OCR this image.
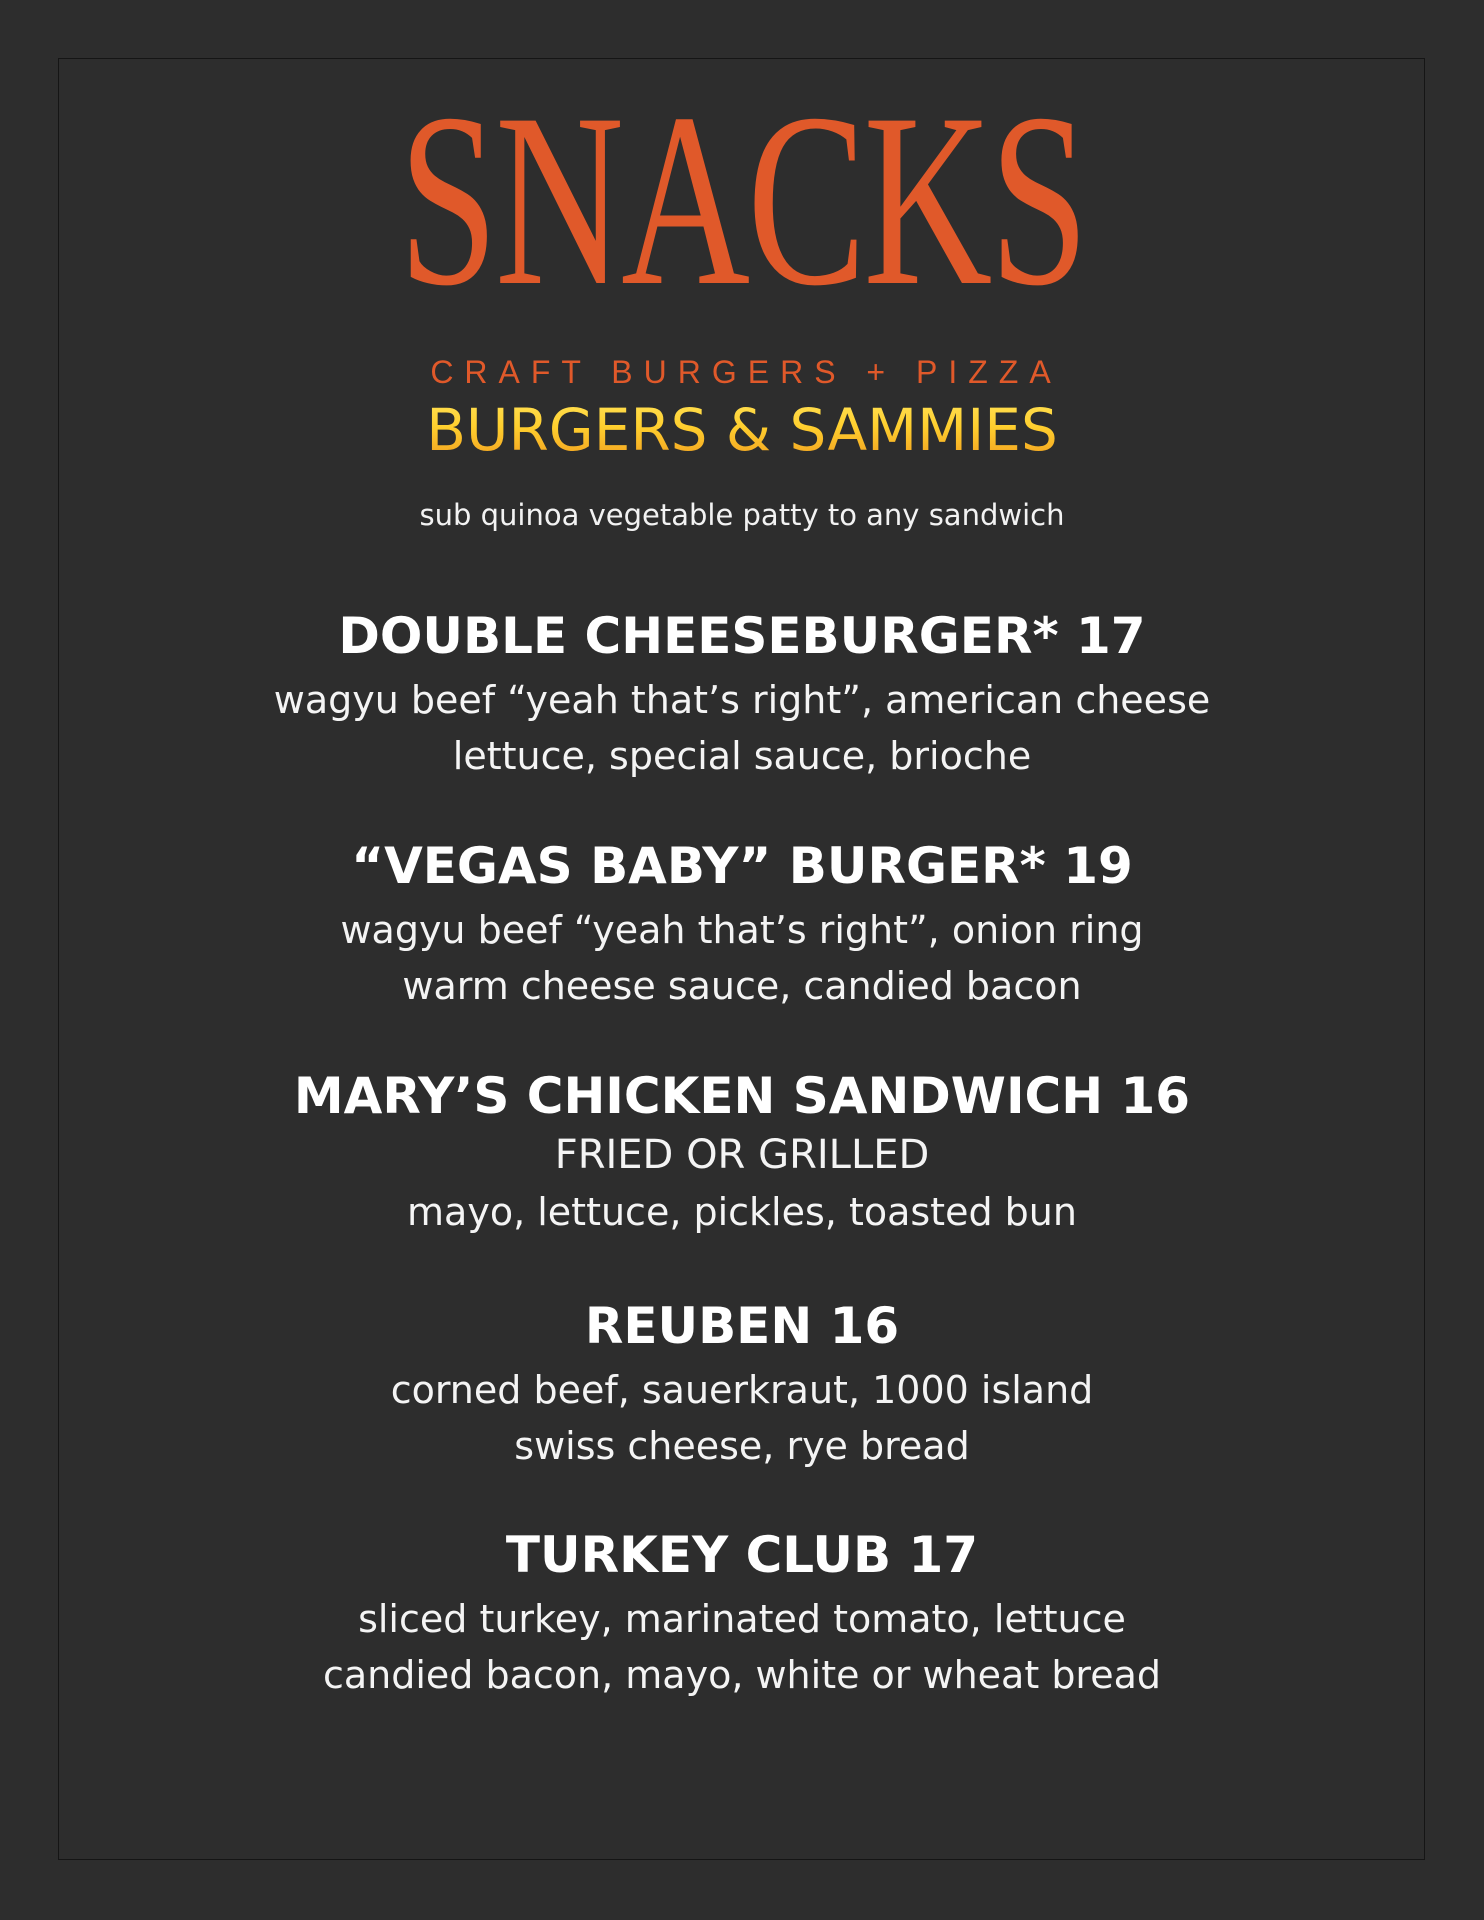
SNACKS
CRAFT BURGERS + PIZZA
BURGERS & SAMMIES
sub quinoa vegetable patty to any sandwich
DOUBLE CHEESEBURGER* 17
wagyu beef “yeah that’s right”, american cheese
lettuce, special sauce, brioche
“VEGAS BABY” BURGER* 19
wagyu beef “yeah that’s right”, onion ring
warm cheese sauce, candied bacon
MARY’S CHICKEN SANDWICH 16
FRIED OR GRILLED
mayo, lettuce, pickles, toasted bun
REUBEN 16
corned beef, sauerkraut, 1000 island
swiss cheese, rye bread
TURKEY CLUB 17
sliced turkey, marinated tomato, lettuce
candied bacon, mayo, white or wheat bread
